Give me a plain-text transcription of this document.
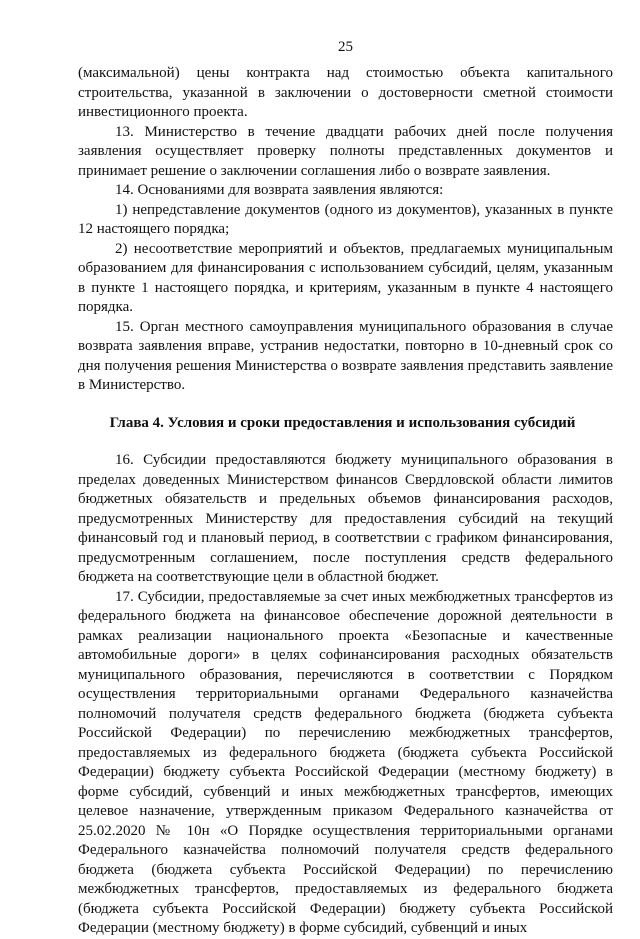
25

(максимальной) цены контракта над стоимостью объекта капитального строительства, указанной в заключении о достоверности сметной стоимости инвестиционного проекта.

13. Министерство в течение двадцати рабочих дней после получения заявления осуществляет проверку полноты представленных документов и принимает решение о заключении соглашения либо о возврате заявления.

14. Основаниями для возврата заявления являются:

1) непредставление документов (одного из документов), указанных в пункте 12 настоящего порядка;

2) несоответствие мероприятий и объектов, предлагаемых муниципальным образованием для финансирования с использованием субсидий, целям, указанным в пункте 1 настоящего порядка, и критериям, указанным в пункте 4 настоящего порядка.

15. Орган местного самоуправления муниципального образования в случае возврата заявления вправе, устранив недостатки, повторно в 10-дневный срок со дня получения решения Министерства о возврате заявления представить заявление в Министерство.

Глава 4. Условия и сроки предоставления и использования субсидий

16. Субсидии предоставляются бюджету муниципального образования в пределах доведенных Министерством финансов Свердловской области лимитов бюджетных обязательств и предельных объемов финансирования расходов, предусмотренных Министерству для предоставления субсидий на текущий финансовый год и плановый период, в соответствии с графиком финансирования, предусмотренным соглашением, после поступления средств федерального бюджета на соответствующие цели в областной бюджет.

17. Субсидии, предоставляемые за счет иных межбюджетных трансфертов из федерального бюджета на финансовое обеспечение дорожной деятельности в рамках реализации национального проекта «Безопасные и качественные автомобильные дороги» в целях софинансирования расходных обязательств муниципального образования, перечисляются в соответствии с Порядком осуществления территориальными органами Федерального казначейства полномочий получателя средств федерального бюджета (бюджета субъекта Российской Федерации) по перечислению межбюджетных трансфертов, предоставляемых из федерального бюджета (бюджета субъекта Российской Федерации) бюджету субъекта Российской Федерации (местному бюджету) в форме субсидий, субвенций и иных межбюджетных трансфертов, имеющих целевое назначение, утвержденным приказом Федерального казначейства от 25.02.2020 № 10н «О Порядке осуществления территориальными органами Федерального казначейства полномочий получателя средств федерального бюджета (бюджета субъекта Российской Федерации) по перечислению межбюджетных трансфертов, предоставляемых из федерального бюджета (бюджета субъекта Российской Федерации) бюджету субъекта Российской Федерации (местному бюджету) в форме субсидий, субвенций и иных
